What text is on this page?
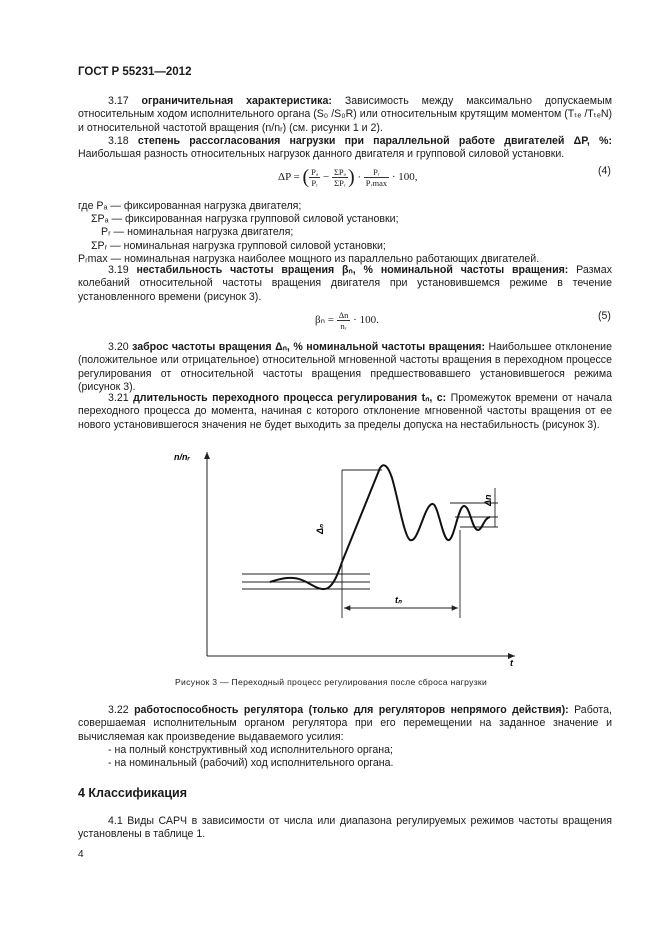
ГОСТ Р 55231—2012
3.17 ограничительная характеристика: Зависимость между максимально допускаемым относительным ходом исполнительного органа (S₀ /S₀R) или относительным крутящим моментом (Tₜₑ /TₜₑN) и относительной частотой вращения (n/nᵣ) (см. рисунки 1 и 2).
3.18 степень рассогласования нагрузки при параллельной работе двигателей ΔP, %: Наибольшая разность относительных нагрузок данного двигателя и групповой силовой установки.
ΔP = ( $\frac{\text{Pₐ}}{\text{Pᵣ}} - \frac{\text{ΣPₐ}}{\text{ΣPᵣ}}$ ) · $\frac{\text{Pᵣ}}{\text{Pᵣmax}} \cdot 100$,
(4)
где Pₐ — фиксированная нагрузка двигателя;
ΣPₐ — фиксированная нагрузка групповой силовой установки;
Pᵣ — номинальная нагрузка двигателя;
ΣPᵣ — номинальная нагрузка групповой силовой установки;
Pᵣmax — номинальная нагрузка наиболее мощного из параллельно работающих двигателей.
3.19 нестабильность частоты вращения βₙ, % номинальной частоты вращения: Размах колебаний относительной частоты вращения двигателя при установившемся режиме в течение установленного времени (рисунок 3).
$\beta_n = \frac{\Delta n}{\text{nᵣ}} \cdot 100$.	(5)
3.20 заброс частоты вращения Δₙ, % номинальной частоты вращения: Наибольшее отклонение (положительное или отрицательное) относительной мгновенной частоты вращения в переходном процессе регулирования от относительной частоты вращения предшествовавшего установившегося режима (рисунок 3).
3.21 длительность переходного процесса регулирования tₙ, с: Промежуток времени от начала переходного процесса до момента, начиная с которого отклонение мгновенной частоты вращения от ее нового установившегося значения не будет выходить за пределы допуска на нестабильность (рисунок 3).
n/nᵣ
t
Δₙ
Δn
tₙ
Рисунок 3 — Переходный процесс регулирования после сброса нагрузки
3.22 работоспособность регулятора (только для регуляторов непрямого действия): Работа, совершаемая исполнительным органом регулятора при его перемещении на заданное значение и вычисляемая как произведение выдаваемого усилия:
- на полный конструктивный ход исполнительного органа;
- на номинальный (рабочий) ход исполнительного органа.
4 Классификация
4.1 Виды САРЧ в зависимости от числа или диапазона регулируемых режимов частоты вращения установлены в таблице 1.
4
